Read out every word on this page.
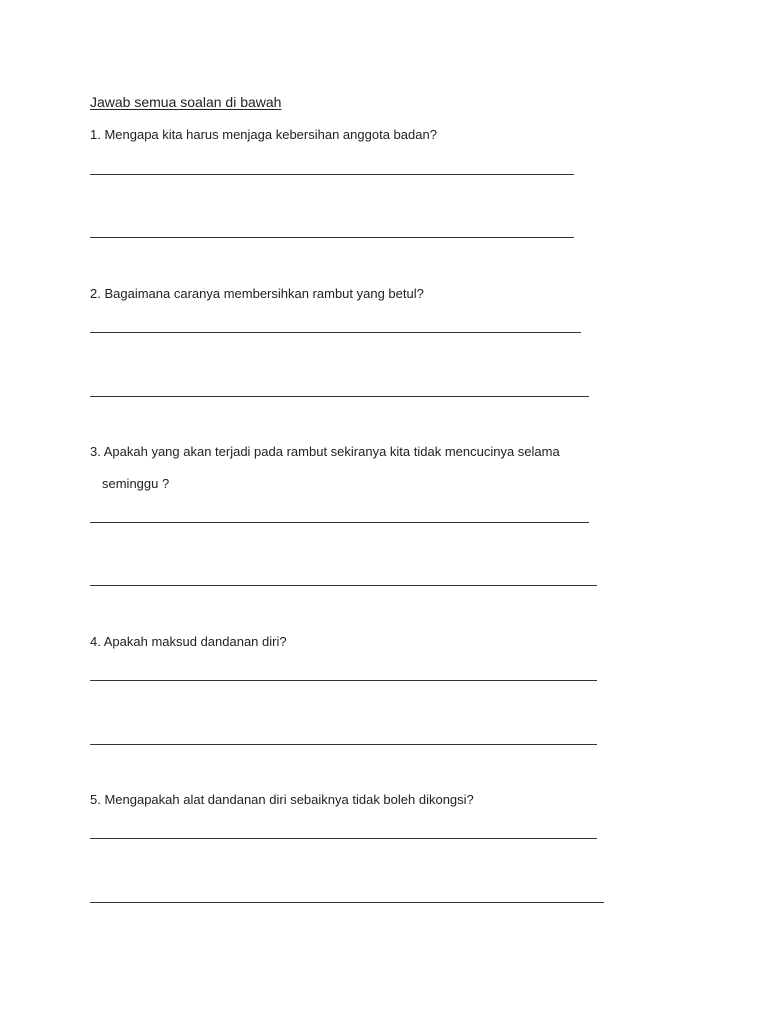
Jawab semua soalan di bawah
1. Mengapa kita harus menjaga kebersihan anggota badan?
2. Bagaimana caranya membersihkan rambut yang betul?
3. Apakah yang akan terjadi pada rambut sekiranya kita tidak mencucinya selama
seminggu ?
4. Apakah maksud dandanan diri?
5. Mengapakah alat dandanan diri sebaiknya tidak boleh dikongsi?
